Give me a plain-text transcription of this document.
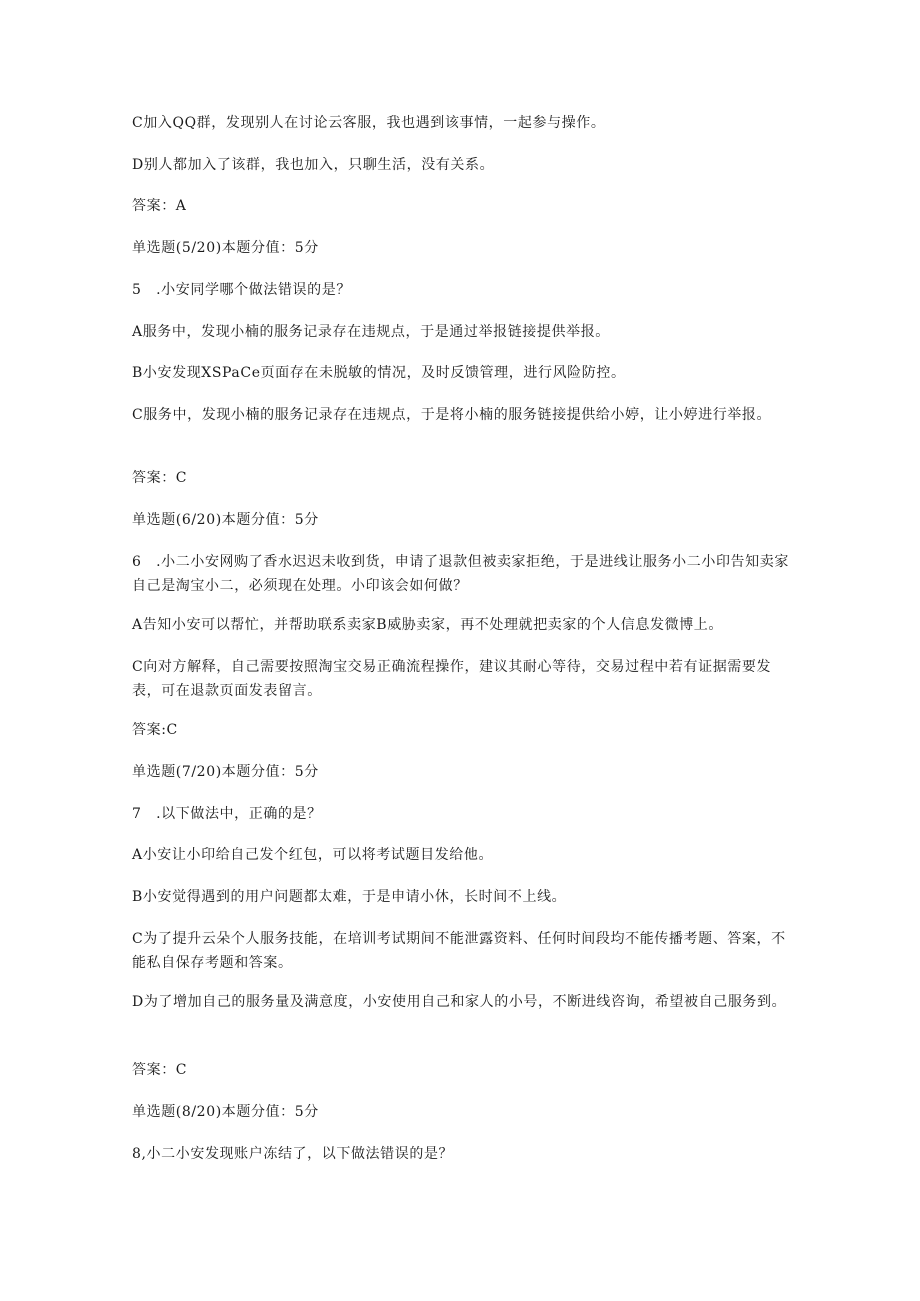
C加入QQ群，发现别人在讨论云客服，我也遇到该事情，一起参与操作。

D别人都加入了该群，我也加入，只聊生活，没有关系。

答案：A

单选题(5/20)本题分值：5分

5　.小安同学哪个做法错误的是？

A服务中，发现小楠的服务记录存在违规点，于是通过举报链接提供举报。

B小安发现XSPaCe页面存在未脱敏的情况，及时反馈管理，进行风险防控。

C服务中，发现小楠的服务记录存在违规点，于是将小楠的服务链接提供给小婷，让小婷进行举报。

答案：C

单选题(6/20)本题分值：5分

6　.小二小安网购了香水迟迟未收到货，申请了退款但被卖家拒绝，于是进线让服务小二小印告知卖家自己是淘宝小二，必须现在处理。小印该会如何做？

A告知小安可以帮忙，并帮助联系卖家B威胁卖家，再不处理就把卖家的个人信息发微博上。

C向对方解释，自己需要按照淘宝交易正确流程操作，建议其耐心等待，交易过程中若有证据需要发表，可在退款页面发表留言。

答案:C

单选题(7/20)本题分值：5分

7　.以下做法中，正确的是？

A小安让小印给自己发个红包，可以将考试题目发给他。

B小安觉得遇到的用户问题都太难，于是申请小休，长时间不上线。

C为了提升云朵个人服务技能，在培训考试期间不能泄露资料、任何时间段均不能传播考题、答案，不能私自保存考题和答案。

D为了增加自己的服务量及满意度，小安使用自己和家人的小号，不断进线咨询，希望被自己服务到。

答案：C

单选题(8/20)本题分值：5分

8,小二小安发现账户冻结了，以下做法错误的是？
